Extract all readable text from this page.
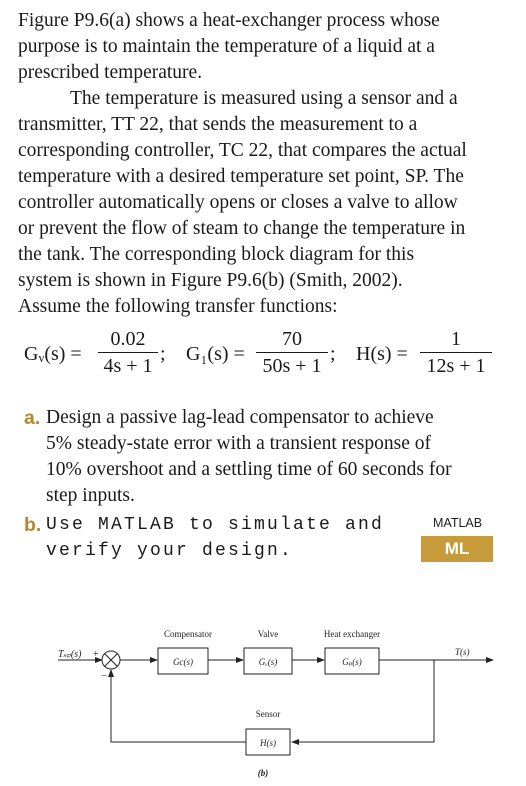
Figure P9.6(a) shows a heat-exchanger process whose
purpose is to maintain the temperature of a liquid at a
prescribed temperature.
The temperature is measured using a sensor and a
transmitter, TT 22, that sends the measurement to a
corresponding controller, TC 22, that compares the actual
temperature with a desired temperature set point, SP. The
controller automatically opens or closes a valve to allow
or prevent the flow of steam to change the temperature in
the tank. The corresponding block diagram for this
system is shown in Figure P9.6(b) (Smith, 2002).
Assume the following transfer functions:
Gᵥ(s) =
0.02
4s + 1
; G₁(s) =
70
50s + 1
; H(s) =
1
12s + 1
a. Design a passive lag-lead compensator to achieve
5% steady-state error with a transient response of
10% overshoot and a settling time of 60 seconds for
step inputs.
b. Use MATLAB to simulate and
verify your design.
MATLAB
ML
Tₛₚ(s) +
−
Compensator
Gc(s)
Valve
Gᵥ(s)
Heat exchanger
Gₚ(s)
T(s)
Sensor
H(s)
(b)
